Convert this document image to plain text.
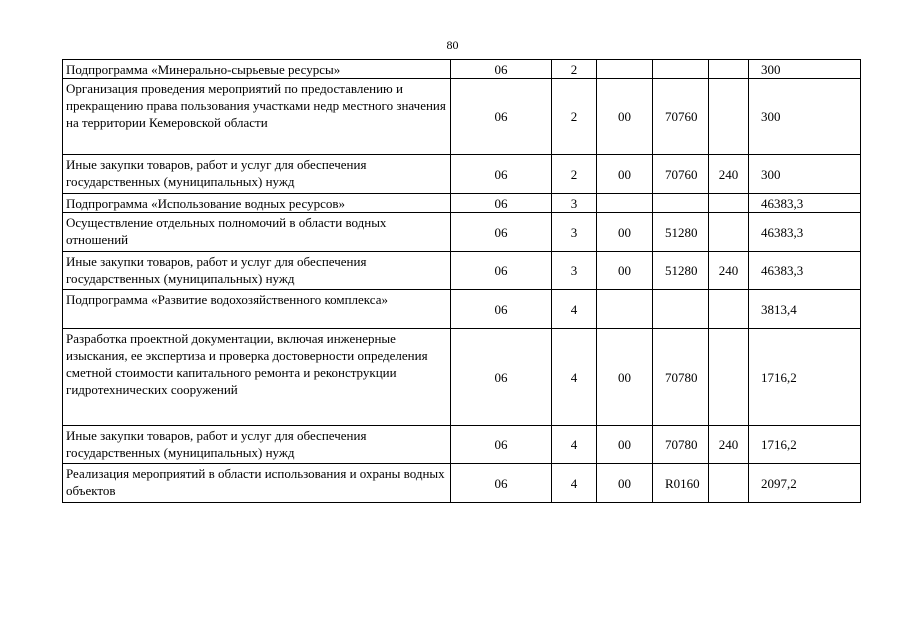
80
Подпрограмма «Минерально-сырьевые ресурсы»	06	2				300
Организация проведения мероприятий по предоставлению и прекращению права пользования участками недр местного значения на территории Кемеровской области	06	2	00	70760		300
Иные закупки товаров, работ и услуг для обеспечения государственных (муниципальных) нужд	06	2	00	70760	240	300
Подпрограмма «Использование водных ресурсов»	06	3				46383,3
Осуществление отдельных полномочий в области водных отношений	06	3	00	51280		46383,3
Иные закупки товаров, работ и услуг для обеспечения государственных (муниципальных) нужд	06	3	00	51280	240	46383,3
Подпрограмма «Развитие водохозяйственного комплекса»	06	4				3813,4
Разработка проектной документации, включая инженерные изыскания, ее экспертиза и проверка достоверности определения сметной стоимости капитального ремонта и реконструкции гидротехнических сооружений	06	4	00	70780		1716,2
Иные закупки товаров, работ и услуг для обеспечения государственных (муниципальных) нужд	06	4	00	70780	240	1716,2
Реализация мероприятий в области использования и охраны водных объектов	06	4	00	R0160		2097,2
